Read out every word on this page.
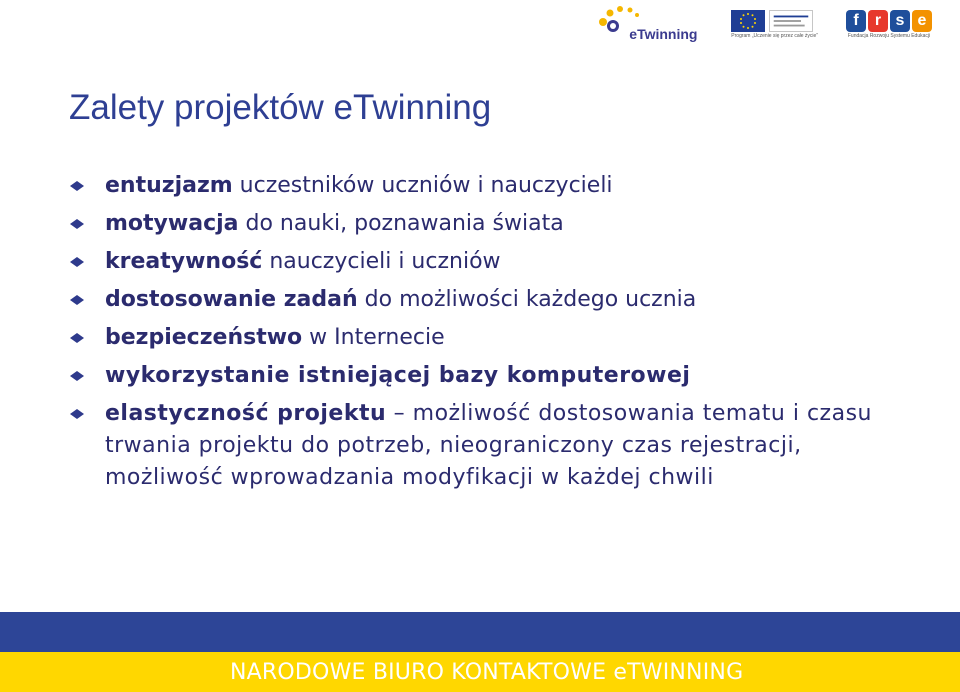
eTwinning	Program „Uczenie się przez całe życie”
f	r s e
Fundacja Rozwoju Systemu Edukacji
Zalety projektów eTwinning
entuzjazm uczestników uczniów i nauczycieli
motywacja do nauki, poznawania świata
kreatywność nauczycieli i uczniów
dostosowanie zadań do możliwości każdego ucznia
bezpieczeństwo w Internecie
wykorzystanie istniejącej bazy komputerowej
elastyczność projektu – możliwość dostosowania tematu i czasu trwania projektu do potrzeb, nieograniczony czas rejestracji, możliwość wprowadzania modyfikacji w każdej chwili

NARODOWE BIURO KONTAKTOWE eTWINNING
